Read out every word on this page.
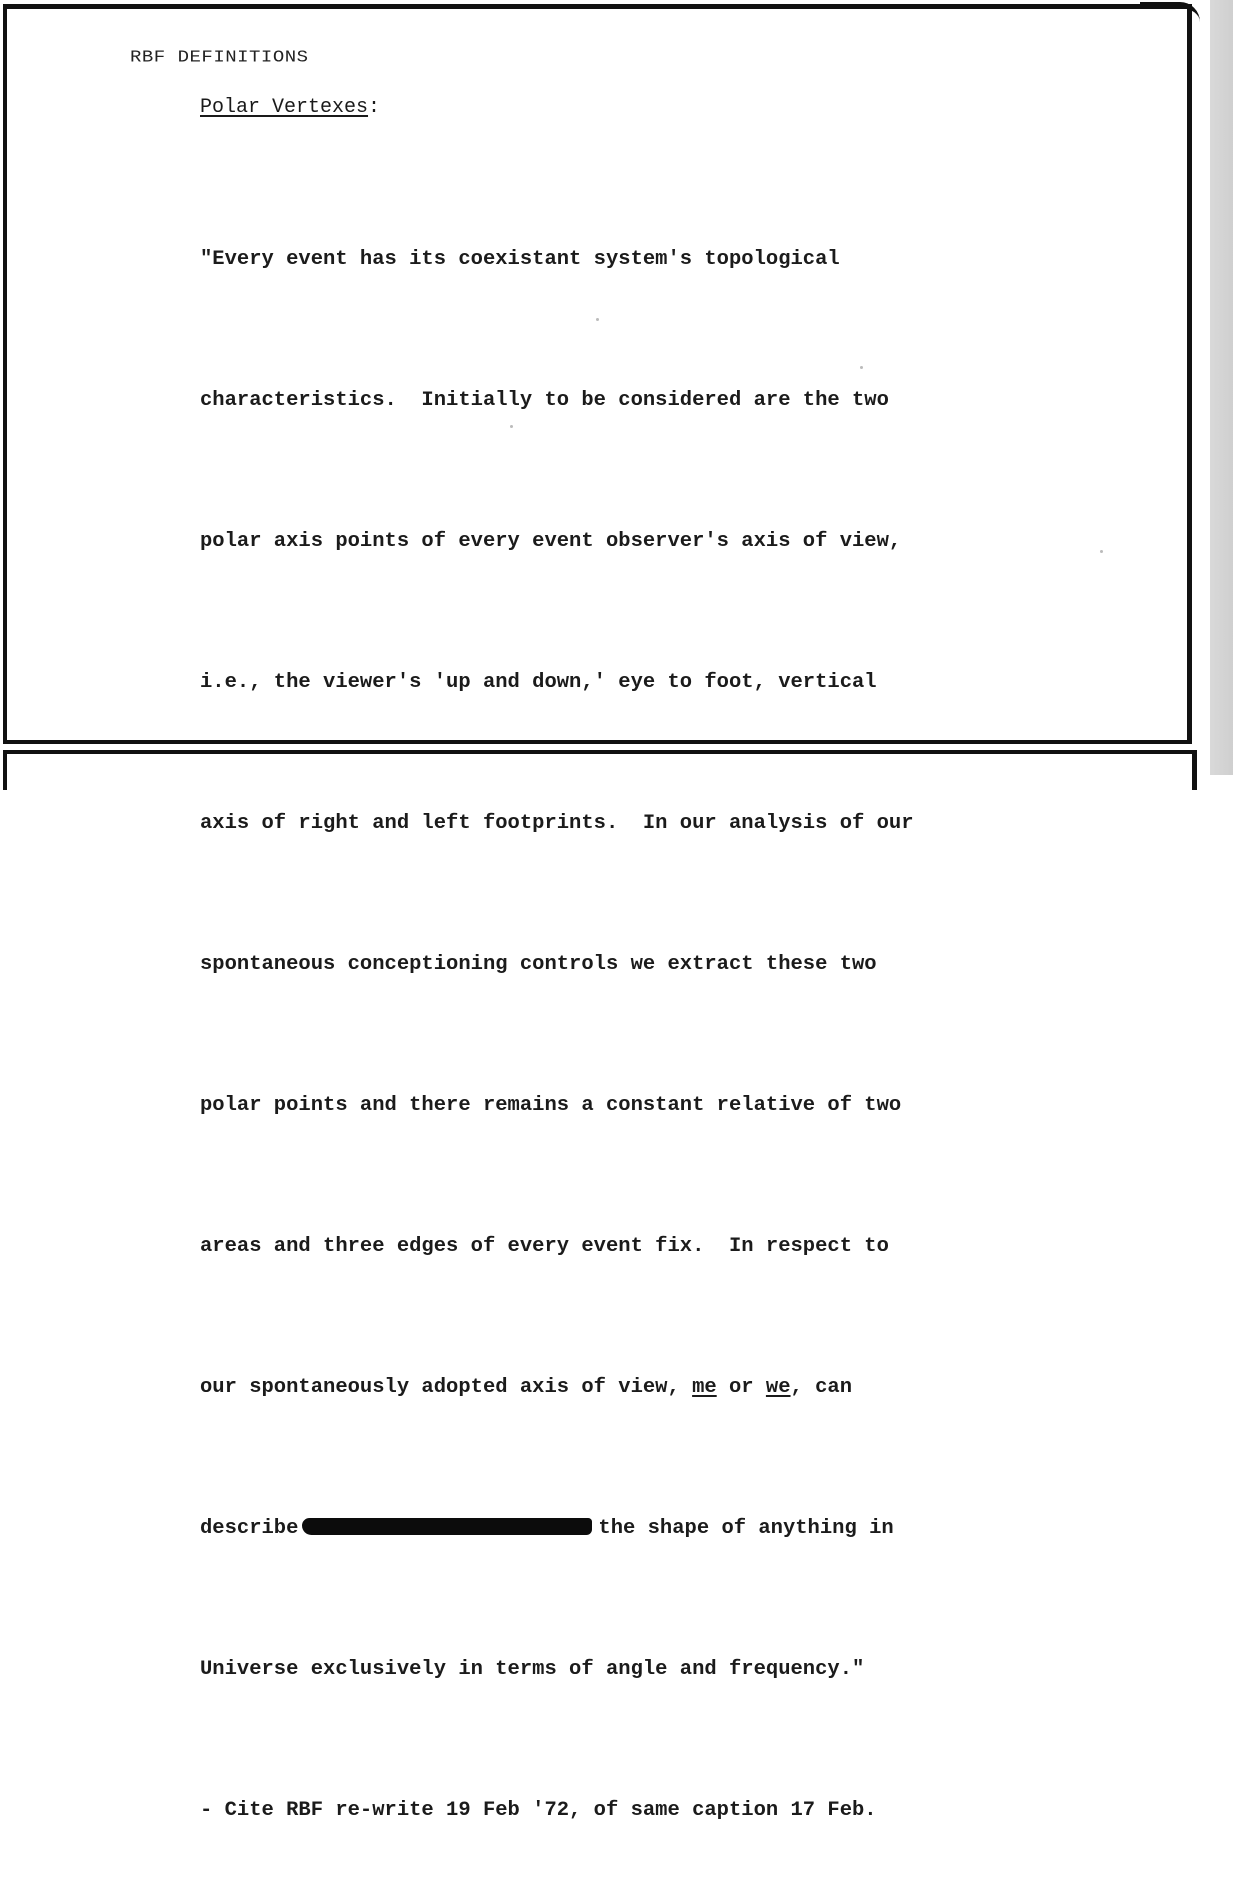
RBF DEFINITIONS
Polar Vertexes:

"Every event has its coexistant system's topological

characteristics.  Initially to be considered are the two

polar axis points of every event observer's axis of view,

i.e., the viewer's 'up and down,' eye to foot, vertical

axis of right and left footprints.  In our analysis of our

spontaneous conceptioning controls we extract these two

polar points and there remains a constant relative of two

areas and three edges of every event fix.  In respect to

our spontaneously adopted axis of view, me or we, can

describe	the shape of anything in

Universe exclusively in terms of angle and frequency."

- Cite RBF re-write 19 Feb '72, of same caption 17 Feb.
